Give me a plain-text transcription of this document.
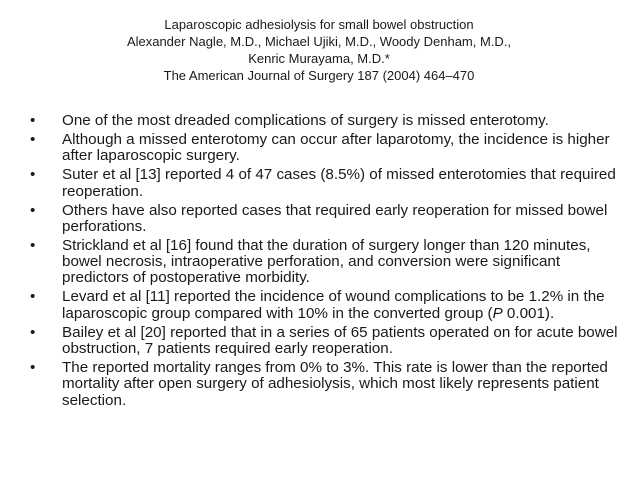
Laparoscopic adhesiolysis for small bowel obstruction
Alexander Nagle, M.D., Michael Ujiki, M.D., Woody Denham, M.D.,
Kenric Murayama, M.D.*
The American Journal of Surgery 187 (2004) 464–470
•	One of the most dreaded complications of surgery is missed enterotomy.
•	Although a missed enterotomy can occur after laparotomy, the incidence is higher after laparoscopic surgery.
•	Suter et al [13] reported 4 of 47 cases (8.5%) of missed enterotomies that required reoperation.
•	Others have also reported cases that required early reoperation for missed bowel perforations.
•	Strickland et al [16] found that the duration of surgery longer than 120 minutes, bowel necrosis, intraoperative perforation, and conversion were significant predictors of postoperative morbidity.
•	Levard et al [11] reported the incidence of wound complications to be 1.2% in the laparoscopic group compared with 10% in the converted group (P 0.001).
•	Bailey et al [20] reported that in a series of 65 patients operated on for acute bowel obstruction, 7 patients required early reoperation.
•	The reported mortality ranges from 0% to 3%. This rate is lower than the reported mortality after open surgery of adhesiolysis, which most likely represents patient selection.
